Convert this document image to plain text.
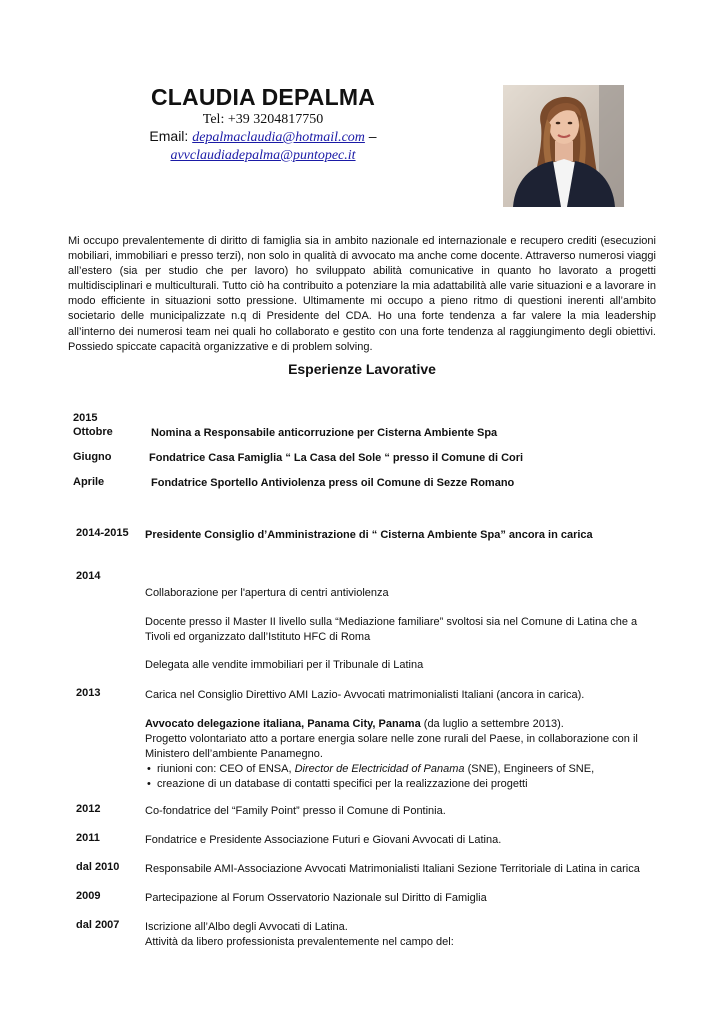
CLAUDIA DEPALMA
Tel: +39 3204817750
Email: depalmaclaudia@hotmail.com –
avvclaudiadepalma@puntopec.it
Mi occupo prevalentemente di diritto di famiglia sia in ambito nazionale ed internazionale e recupero crediti (esecuzioni mobiliari, immobiliari e presso terzi), non solo in qualità di avvocato ma anche come docente. Attraverso numerosi viaggi all’estero (sia per studio che per lavoro) ho sviluppato abilità comunicative in quanto ho lavorato a progetti multidisciplinari e multiculturali. Tutto ciò ha contribuito a potenziare la mia adattabilità alle varie situazioni e a lavorare in modo efficiente in situazioni sotto pressione. Ultimamente mi occupo a pieno ritmo di questioni inerenti all’ambito societario delle municipalizzate n.q di Presidente del CDA. Ho una forte tendenza a far valere la mia leadership all’interno dei numerosi team nei quali ho collaborato e gestito con una forte tendenza al raggiungimento degli obiettivi. Possiedo spiccate capacità organizzative e di problem solving.
Esperienze Lavorative
2015
Ottobre	Nomina a Responsabile anticorruzione per Cisterna Ambiente Spa
Giugno	Fondatrice Casa Famiglia “ La Casa del Sole “ presso il Comune di Cori
Aprile	Fondatrice Sportello Antiviolenza press oil Comune di Sezze Romano
2014-2015 Presidente Consiglio d’Amministrazione di “ Cisterna Ambiente Spa” ancora in carica
2014
Collaborazione per l'apertura di centri antiviolenza
Docente presso il Master II livello sulla “Mediazione familiare” svoltosi sia nel Comune di Latina che a Tivoli ed organizzato dall’Istituto HFC di Roma
Delegata alle vendite immobiliari per il Tribunale di Latina
2013	Carica nel Consiglio Direttivo AMI Lazio- Avvocati matrimonialisti Italiani (ancora in carica).
Avvocato delegazione italiana, Panama City, Panama (da luglio a settembre 2013).
Progetto volontariato atto a portare energia solare nelle zone rurali del Paese, in collaborazione con il Ministero dell’ambiente Panamegno.
• riunioni con: CEO of ENSA, Director de Electricidad of Panama (SNE), Engineers of SNE,
• creazione di un database di contatti specifici per la realizzazione dei progetti
2012	Co-fondatrice del “Family Point” presso il Comune di Pontinia.
2011	Fondatrice e Presidente Associazione Futuri e Giovani Avvocati di Latina.
dal 2010 Responsabile AMI-Associazione Avvocati Matrimonialisti Italiani Sezione Territoriale di Latina in carica
2009	Partecipazione al Forum Osservatorio Nazionale sul Diritto di Famiglia
dal 2007 Iscrizione all’Albo degli Avvocati di Latina.
Attività da libero professionista prevalentemente nel campo del:
